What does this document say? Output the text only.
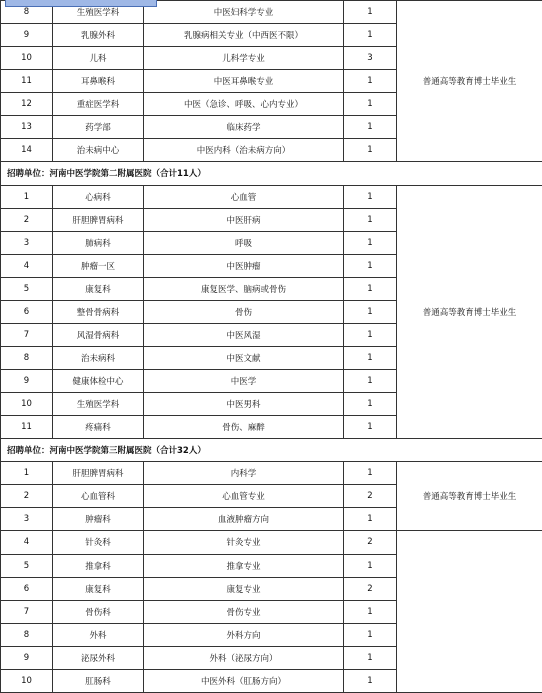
8	生殖医学科	中医妇科学专业	1	普通高等教育博士毕业生
9	乳腺外科	乳腺病相关专业（中西医不限）	1	
10	儿科	儿科学专业	3	
11	耳鼻喉科	中医耳鼻喉专业	1	
12	重症医学科	中医（急诊、呼吸、心内专业）	1	
13	药学部	临床药学	1	
14	治未病中心	中医内科（治未病方向）	1	
招聘单位：河南中医学院第二附属医院（合计11人）				
1	心病科	心血管	1	普通高等教育博士毕业生
2	肝胆脾胃病科	中医肝病	1	
3	肺病科	呼吸	1	
4	肿瘤一区	中医肿瘤	1	
5	康复科	康复医学、脑病或骨伤	1	
6	整骨骨病科	骨伤	1	
7	风湿骨病科	中医风湿	1	
8	治未病科	中医文献	1	
9	健康体检中心	中医学	1	
10	生殖医学科	中医男科	1	
11	疼痛科	骨伤、麻醉	1	
招聘单位：河南中医学院第三附属医院（合计32人）				
1	肝胆脾胃病科	内科学	1	普通高等教育博士毕业生
2	心血管科	心血管专业	2	
3	肿瘤科	血液肿瘤方向	1	
4	针灸科	针灸专业	2	
5	推拿科	推拿专业	1	
6	康复科	康复专业	2	
7	骨伤科	骨伤专业	1	
8	外科	外科方向	1	
9	泌尿外科	外科（泌尿方向）	1	
10	肛肠科	中医外科（肛肠方向）	1	
